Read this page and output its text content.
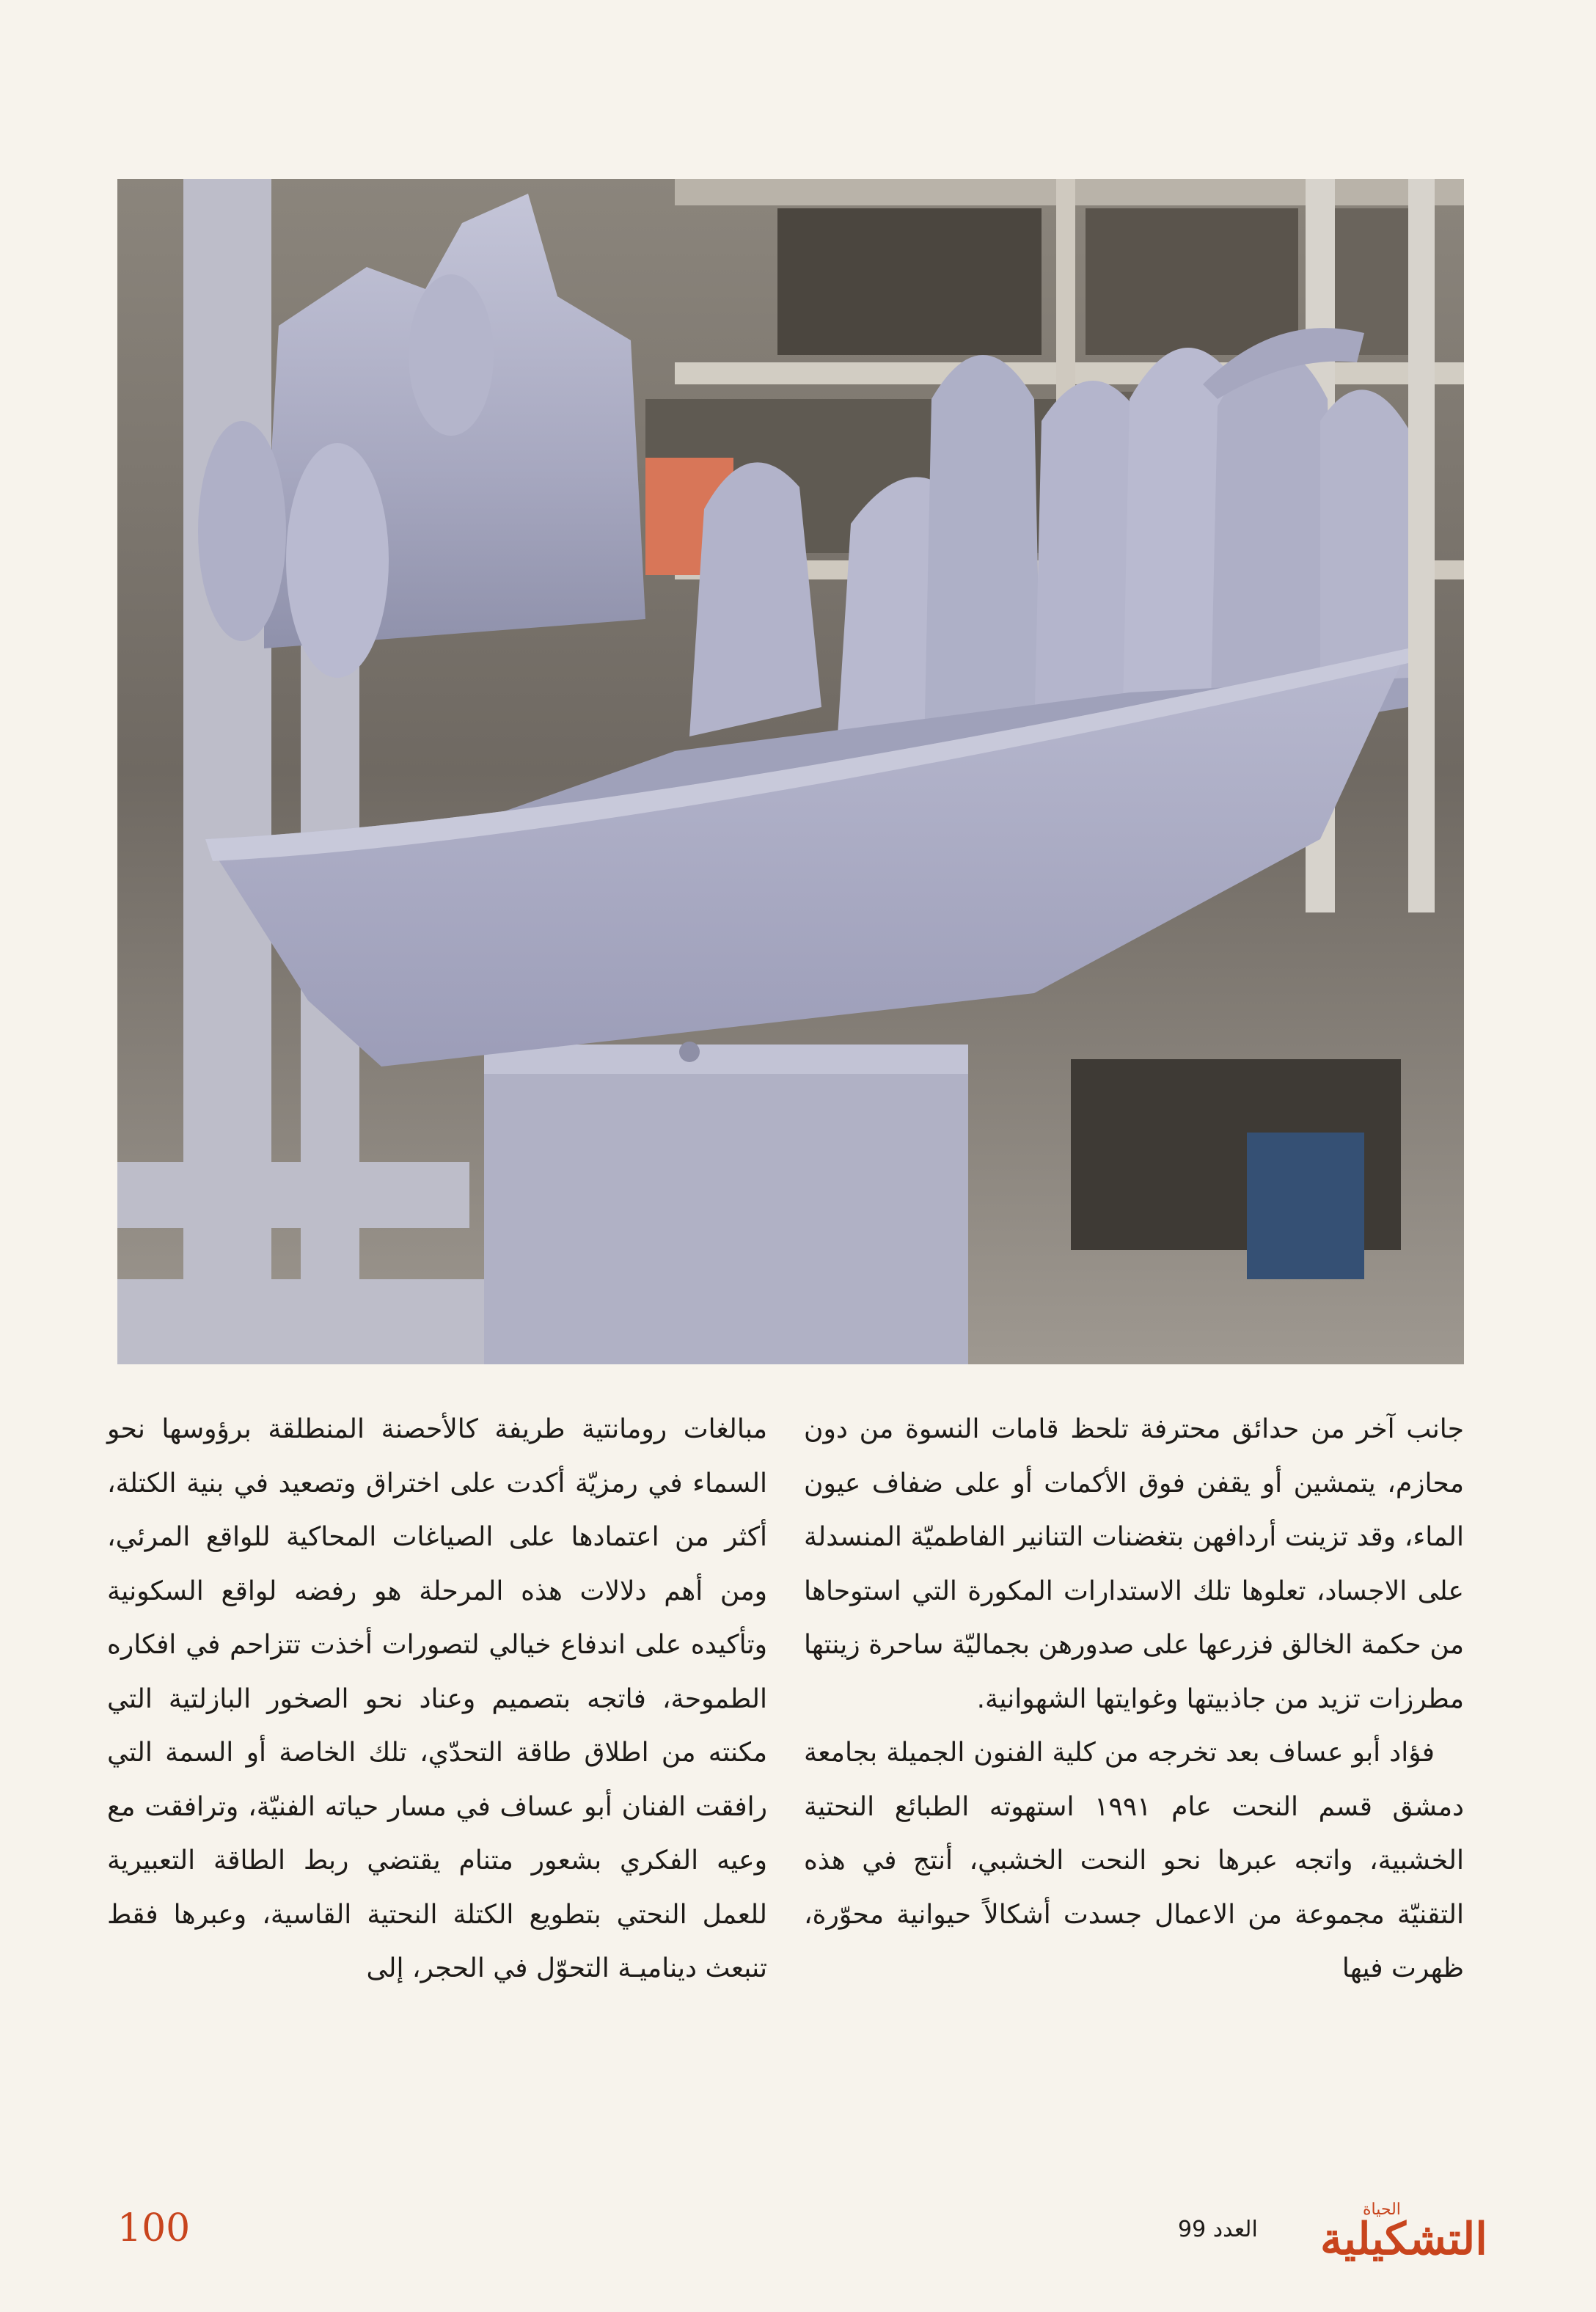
جانب آخر من حدائق محترفة تلحظ قامات النسوة من دون محازم، يتمشين أو يقفن فوق الأكمات أو على ضفاف عيون الماء، وقد تزينت أردافهن بتغضنات التنانير الفاطميّة المنسدلة على الاجساد، تعلوها تلك الاستدارات المكورة التي استوحاها من حكمة الخالق فزرعها على صدورهن بجماليّة ساحرة زينتها مطرزات تزيد من جاذبيتها وغوايتها الشهوانية.

فؤاد أبو عساف بعد تخرجه من كلية الفنون الجميلة بجامعة دمشق قسم النحت عام ١٩٩١ استهوته الطبائع النحتية الخشبية، واتجه عبرها نحو النحت الخشبي، أنتج في هذه التقنيّة مجموعة من الاعمال جسدت أشكالاً حيوانية محوّرة، ظهرت فيها

مبالغات رومانتية طريفة كالأحصنة المنطلقة برؤوسها نحو السماء في رمزيّة أكدت على اختراق وتصعيد في بنية الكتلة، أكثر من اعتمادها على الصياغات المحاكية للواقع المرئي، ومن أهم دلالات هذه المرحلة هو رفضه لواقع السكونية وتأكيده على اندفاع خيالي لتصورات أخذت تتزاحم في افكاره الطموحة، فاتجه بتصميم وعناد نحو الصخور البازلتية التي مكنته من اطلاق طاقة التحدّي، تلك الخاصة أو السمة التي رافقت الفنان أبو عساف في مسار حياته الفنيّة، وترافقت مع وعيه الفكري بشعور متنام يقتضي ربط الطاقة التعبيرية للعمل النحتي بتطويع الكتلة النحتية القاسية، وعبرها فقط تنبعث ديناميـة التحوّل في الحجر، إلى

100	العدد 99
الحياة
التشكيلية
